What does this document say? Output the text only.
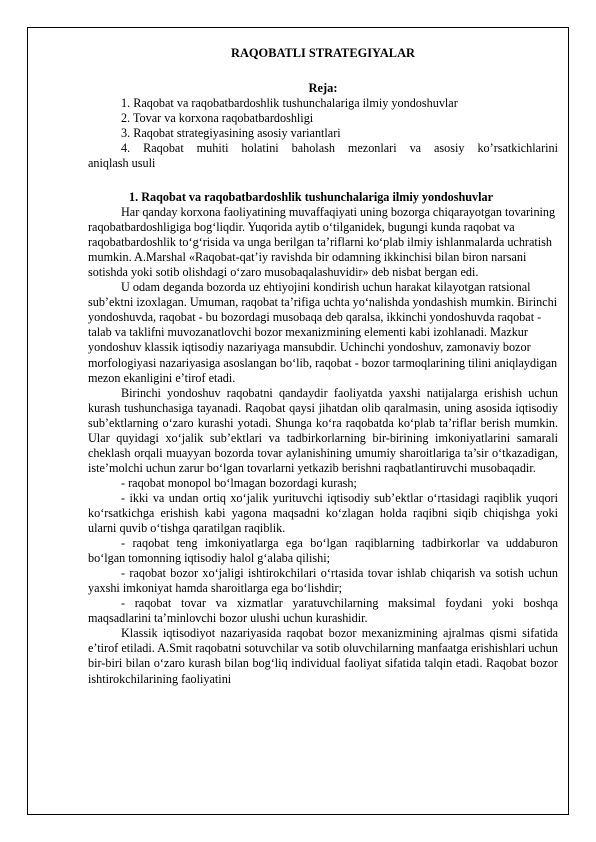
RAQOBATLI STRATEGIYALAR
Reja:

1. Raqobat va raqobatbardoshlik tushunchalariga ilmiy yondoshuvlar

2. Tovar va korxona raqobatbardoshligi

3. Raqobat strategiyasining asosiy variantlari

4. Raqobat muhiti holatini baholash mezonlari va asosiy ko’rsatkichlarini

aniqlash usuli

1. Raqobat va raqobatbardoshlik tushunchalariga ilmiy yondoshuvlar

Har qanday korxona faoliyatining muvaffaqiyati uning bozorga chiqarayotgan tovarining raqobatbardoshligiga bog‘liqdir. Yuqorida aytib o‘tilganidek, bugungi kunda raqobat va raqobatbardoshlik to‘g‘risida va unga berilgan ta’riflarni ko‘plab ilmiy ishlanmalarda uchratish mumkin. A.Marshal «Raqobat-qat’iy ravishda bir odamning ikkinchisi bilan biron narsani sotishda yoki sotib olishdagi o‘zaro musobaqalashuvidir» deb nisbat bergan edi.

U odam deganda bozorda uz ehtiyojini kondirish uchun harakat kilayotgan ratsional sub’ektni izoxlagan. Umuman, raqobat ta’rifiga uchta yo‘nalishda yondashish mumkin. Birinchi yondoshuvda, raqobat - bu bozordagi musobaqa deb qaralsa, ikkinchi yondoshuvda raqobat - talab va taklifni muvozanatlovchi bozor mexanizmining elementi kabi izohlanadi. Mazkur yondoshuv klassik iqtisodiy nazariyaga mansubdir. Uchinchi yondoshuv, zamonaviy bozor morfologiyasi nazariyasiga asoslangan bo‘lib, raqobat - bozor tarmoqlarining tilini aniqlaydigan mezon ekanligini e’tirof etadi.

Birinchi yondoshuv raqobatni qandaydir faoliyatda yaxshi natijalarga erishish uchun kurash tushunchasiga tayanadi. Raqobat qaysi jihatdan olib qaralmasin, uning asosida iqtisodiy sub’ektlarning o‘zaro kurashi yotadi. Shunga ko‘ra raqobatda ko‘plab ta’riflar berish mumkin. Ular quyidagi xo‘jalik sub’ektlari va tadbirkorlarning bir-birining imkoniyatlarini samarali cheklash orqali muayyan bozorda tovar aylanishining umumiy sharoitlariga ta’sir o‘tkazadigan, iste’molchi uchun zarur bo‘lgan tovarlarni yetkazib berishni raqbatlantiruvchi musobaqadir.

- raqobat monopol bo‘lmagan bozordagi kurash;

- ikki va undan ortiq xo‘jalik yurituvchi iqtisodiy sub’ektlar o‘rtasidagi raqiblik yuqori ko‘rsatkichga erishish kabi yagona maqsadni ko‘zlagan holda raqibni siqib chiqishga yoki ularni quvib o‘tishga qaratilgan raqiblik.

- raqobat teng imkoniyatlarga ega bo‘lgan raqiblarning tadbirkorlar va uddaburon bo‘lgan tomonning iqtisodiy halol g‘alaba qilishi;

- raqobat bozor xo‘jaligi ishtirokchilari o‘rtasida tovar ishlab chiqarish va sotish uchun yaxshi imkoniyat hamda sharoitlarga ega bo‘lishdir;

- raqobat tovar va xizmatlar yaratuvchilarning maksimal foydani yoki boshqa maqsadlarini ta’minlovchi bozor ulushi uchun kurashidir.

Klassik iqtisodiyot nazariyasida raqobat bozor mexanizmining ajralmas qismi sifatida e’tirof etiladi. A.Smit raqobatni sotuvchilar va sotib oluvchilarning manfaatga erishishlari uchun bir-biri bilan o‘zaro kurash bilan bog‘liq individual faoliyat sifatida talqin etadi. Raqobat bozor ishtirokchilarining faoliyatini
